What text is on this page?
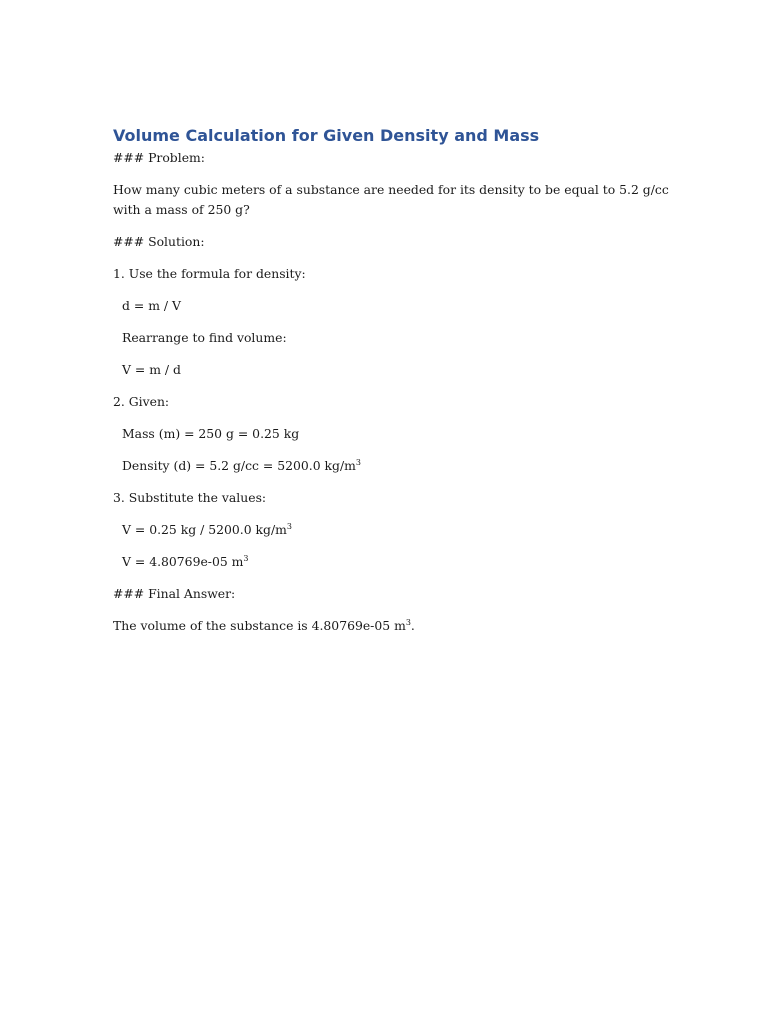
Volume Calculation for Given Density and Mass

### Problem:

How many cubic meters of a substance are needed for its density to be equal to 5.2 g/cc with a mass of 250 g?

### Solution:

1. Use the formula for density:

d = m / V

Rearrange to find volume:

V = m / d

2. Given:

Mass (m) = 250 g = 0.25 kg

Density (d) = 5.2 g/cc = 5200.0 $kg/m^3$

3. Substitute the values:

V = 0.25 kg / 5200.0 $kg/m^3$

V = 4.80769e-05 $m^3$

### Final Answer:

The volume of the substance is 4.80769e-05 $m^3$.
